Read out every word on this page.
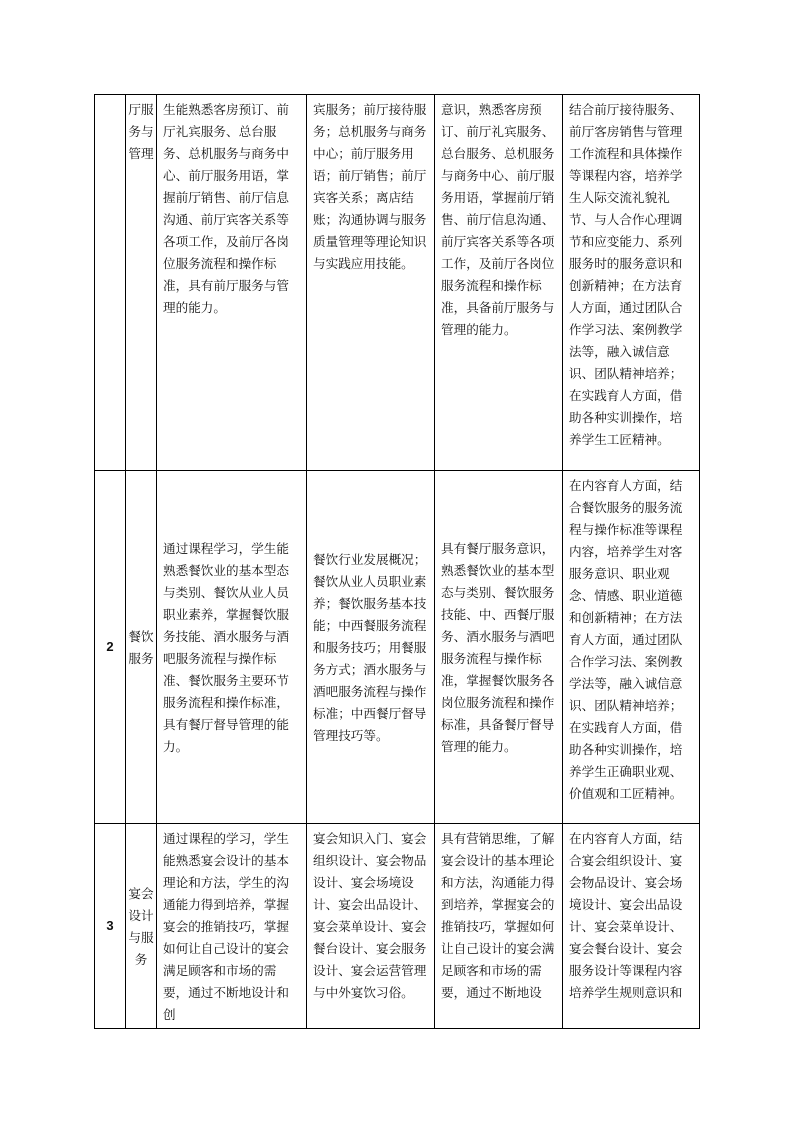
	厅服务与管理	生能熟悉客房预订、前厅礼宾服务、总台服务、总机服务与商务中心、前厅服务用语，掌握前厅销售、前厅信息沟通、前厅宾客关系等各项工作，及前厅各岗位服务流程和操作标准，具有前厅服务与管理的能力。	宾服务；前厅接待服务；总机服务与商务中心；前厅服务用语；前厅销售；前厅宾客关系；离店结账；沟通协调与服务质量管理等理论知识与实践应用技能。	意识，熟悉客房预订、前厅礼宾服务、总台服务、总机服务与商务中心、前厅服务用语，掌握前厅销售、前厅信息沟通、前厅宾客关系等各项工作，及前厅各岗位服务流程和操作标准，具备前厅服务与管理的能力。	结合前厅接待服务、前厅客房销售与管理工作流程和具体操作等课程内容，培养学生人际交流礼貌礼节、与人合作心理调节和应变能力、系列服务时的服务意识和创新精神；在方法育人方面，通过团队合作学习法、案例教学法等，融入诚信意识、团队精神培养；在实践育人方面，借助各种实训操作，培养学生工匠精神。
2	餐饮服务	通过课程学习，学生能熟悉餐饮业的基本型态与类别、餐饮从业人员职业素养，掌握餐饮服务技能、酒水服务与酒吧服务流程与操作标准、餐饮服务主要环节服务流程和操作标准，具有餐厅督导管理的能力。	餐饮行业发展概况；餐饮从业人员职业素养；餐饮服务基本技能；中西餐服务流程和服务技巧；用餐服务方式；酒水服务与酒吧服务流程与操作标准；中西餐厅督导管理技巧等。	具有餐厅服务意识，熟悉餐饮业的基本型态与类别、餐饮服务技能、中、西餐厅服务、酒水服务与酒吧服务流程与操作标准，掌握餐饮服务各岗位服务流程和操作标准，具备餐厅督导管理的能力。	在内容育人方面，结合餐饮服务的服务流程与操作标准等课程内容，培养学生对客服务意识、职业观念、情感、职业道德和创新精神；在方法育人方面，通过团队合作学习法、案例教学法等，融入诚信意识、团队精神培养；在实践育人方面，借助各种实训操作，培养学生正确职业观、价值观和工匠精神。
3	宴会设计与服务	通过课程的学习，学生能熟悉宴会设计的基本理论和方法，学生的沟通能力得到培养，掌握宴会的推销技巧，掌握如何让自己设计的宴会满足顾客和市场的需要，通过不断地设计和创	宴会知识入门、宴会组织设计、宴会物品设计、宴会场境设计、宴会出品设计、宴会菜单设计、宴会餐台设计、宴会服务设计、宴会运营管理与中外宴饮习俗。	具有营销思维，了解宴会设计的基本理论和方法，沟通能力得到培养，掌握宴会的推销技巧，掌握如何让自己设计的宴会满足顾客和市场的需要，通过不断地设	在内容育人方面，结合宴会组织设计、宴会物品设计、宴会场境设计、宴会出品设计、宴会菜单设计、宴会餐台设计、宴会服务设计等课程内容培养学生规则意识和
